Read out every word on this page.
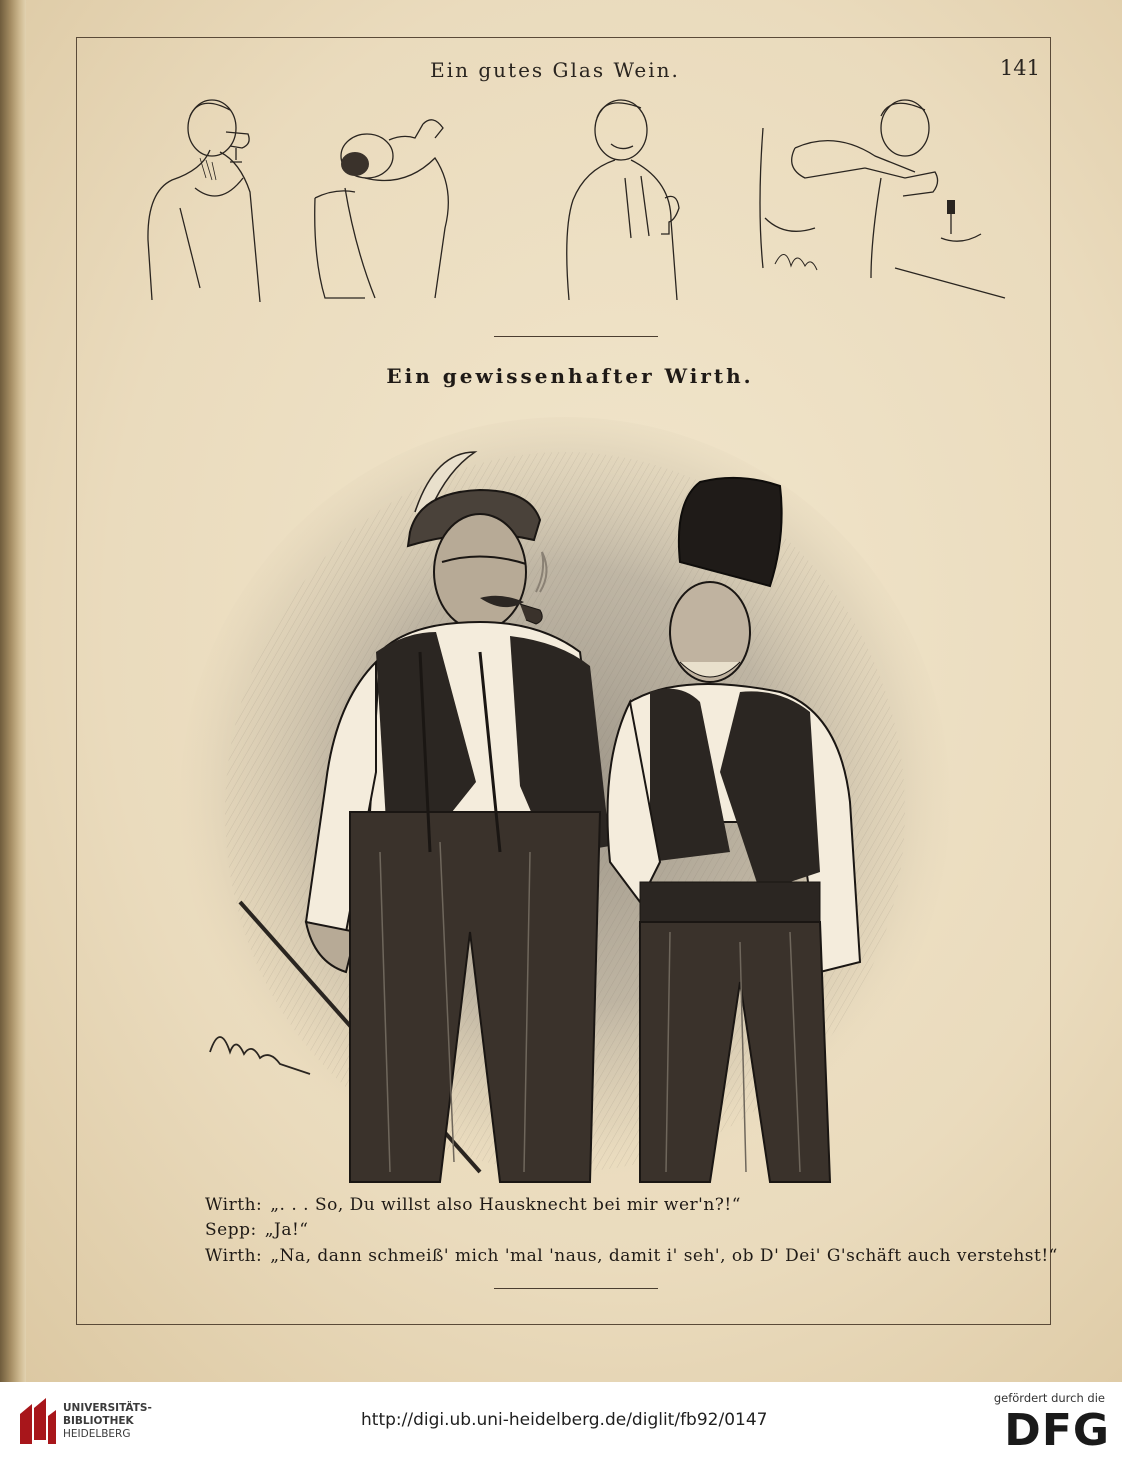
Ein gutes Glas Wein.	141
Ein gewissenhafter Wirth.
Wirth: „. . . So, Du willst also Hausknecht bei mir wer'n?!“
Sepp: „Ja!“
Wirth: „Na, dann schmeiß' mich 'mal 'naus, damit i' seh', ob D' Dei' G'schäft auch verstehst!“
UNIVERSITÄTS-
BIBLIOTHEK
HEIDELBERG
http://digi.ub.uni-heidelberg.de/diglit/fb92/0147
gefördert durch die
DFG
